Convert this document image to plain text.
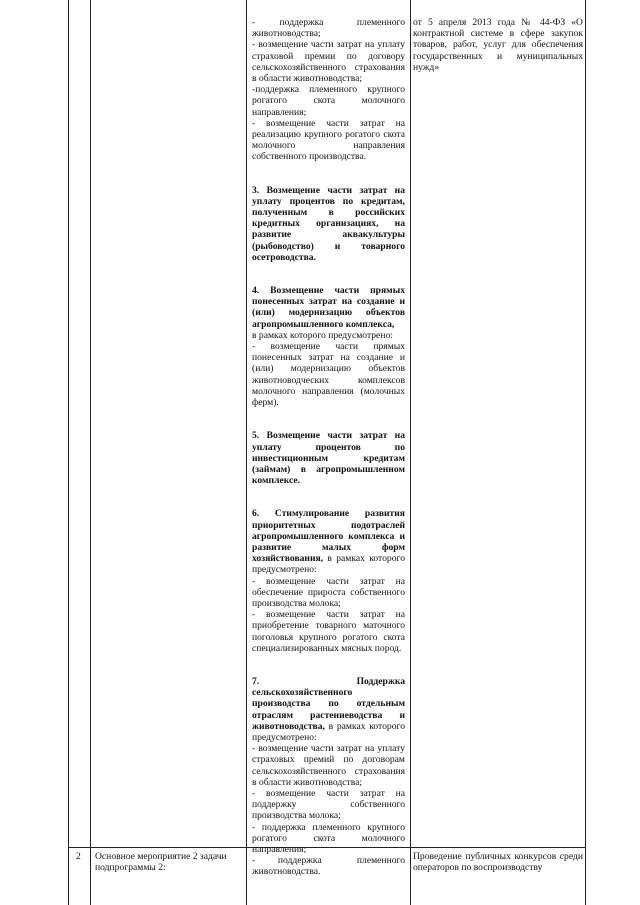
-        поддержка           племенного животноводства;

- возмещение части затрат на уплату страховой премии по договору сельскохозяйственного страхования в области животноводства;

-поддержка племенного крупного рогатого скота молочного направления;

- возмещение части затрат на реализацию крупного рогатого скота молочного направления собственного производства.

3. Возмещение части затрат на уплату процентов по кредитам, полученным в российских кредитных организациях, на развитие аквакультуры (рыбоводство) и товарного осетроводства.

4. Возмещение части прямых понесенных затрат на создание и (или) модернизацию объектов агропромышленного комплекса,

в рамках которого предусмотрено:

- возмещение части прямых понесенных затрат на создание и (или) модернизацию объектов животноводческих комплексов молочного направления (молочных ферм).

5. Возмещение части затрат на уплату процентов по инвестиционным кредитам (займам) в агропромышленном комплексе.

6. Стимулирование развития приоритетных подотраслей агропромышленного комплекса и развитие малых форм хозяйствования, в рамках которого предусмотрено:

- возмещение части затрат на обеспечение прироста собственного производства молока;

- возмещение части затрат на приобретение товарного маточного поголовья крупного рогатого скота специализированных мясных пород.

7. Поддержка сельскохозяйственного производства по отдельным отраслям растениеводства и животноводства, в рамках которого предусмотрено:

- возмещение части затрат на уплату страховых премий по договорам сельскохозяйственного страхования в области животноводства;

- возмещение части затрат на поддержку собственного производства молока;

- поддержка племенного крупного рогатого скота молочного направления;

-         поддержка              племенного животноводства.

от 5 апреля 2013 года № 44-ФЗ «О контрактной системе в сфере закупок товаров, работ, услуг для обеспечения государственных и муниципальных нужд»

2 Основное мероприятие 2 задачи подпрограммы 2:
Проведение публичных конкурсов среди операторов по воспроизводству
